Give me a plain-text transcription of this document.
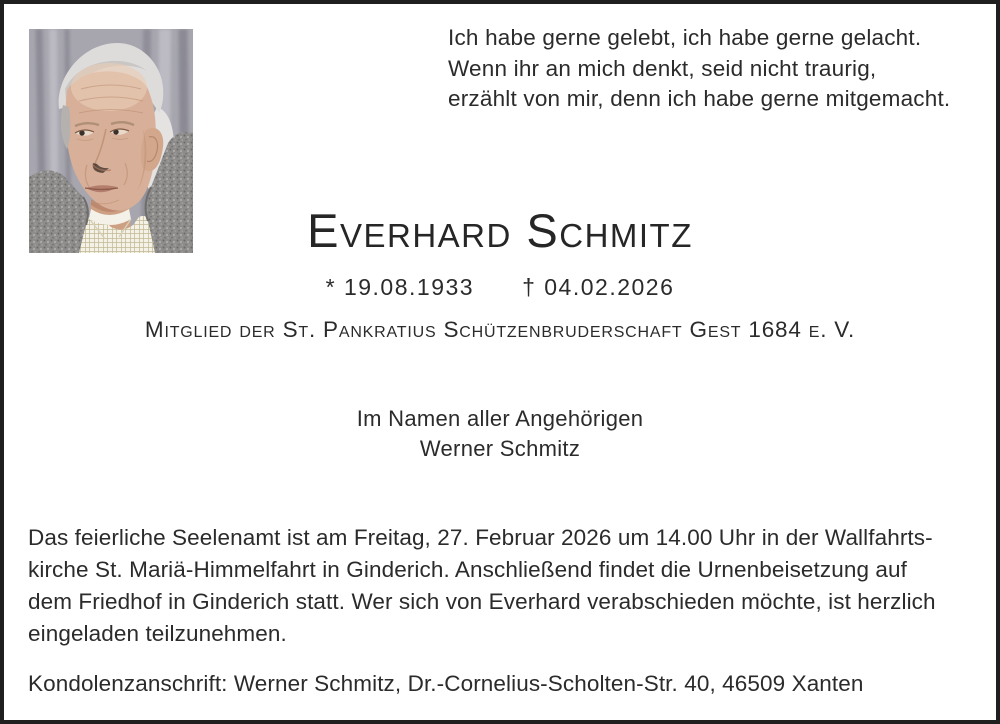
Ich habe gerne gelebt, ich habe gerne gelacht.
Wenn ihr an mich denkt, seid nicht traurig,
erzählt von mir, denn ich habe gerne mitgemacht.
Everhard Schmitz
* 19.08.1933 † 04.02.2026
Mitglied der St. Pankratius Schützenbruderschaft Gest 1684 e. V.
Im Namen aller Angehörigen
Werner Schmitz
Das feierliche Seelenamt ist am Freitag, 27. Februar 2026 um 14.00 Uhr in der Wallfahrts-
kirche St. Mariä-Himmelfahrt in Ginderich. Anschließend findet die Urnenbeisetzung auf
dem Friedhof in Ginderich statt. Wer sich von Everhard verabschieden möchte, ist herzlich
eingeladen teilzunehmen.
Kondolenzanschrift: Werner Schmitz, Dr.-Cornelius-Scholten-Str. 40, 46509 Xanten
